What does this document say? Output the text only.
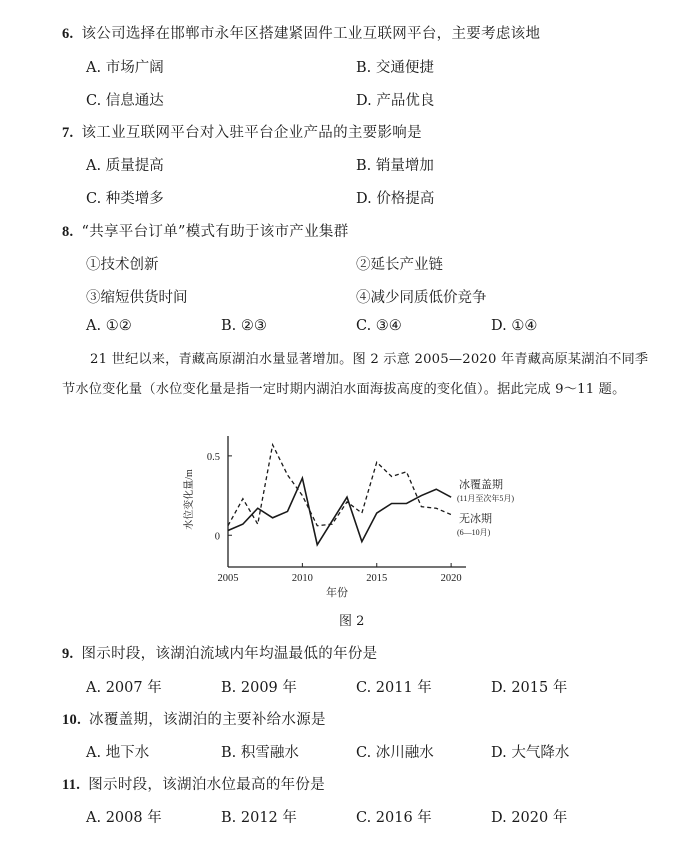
6. 该公司选择在邯郸市永年区搭建紧固件工业互联网平台，主要考虑该地
A. 市场广阔	B. 交通便捷
C. 信息通达	D. 产品优良
7. 该工业互联网平台对入驻平台企业产品的主要影响是
A. 质量提高	B. 销量增加
C. 种类增多	D. 价格提高
8. “共享平台订单”模式有助于该市产业集群
①技术创新	②延长产业链
③缩短供货时间	④减少同质低价竞争
A. ①②	B. ②③	C. ③④	D. ①④
21 世纪以来，青藏高原湖泊水量显著增加。图 2 示意 2005—2020 年青藏高原某湖泊不同季
节水位变化量（水位变化量是指一定时期内湖泊水面海拔高度的变化值）。据此完成 9～11 题。
2005	2010	2015	2020
0
0.5
年份
水位变化量/m	冰覆盖期
(11月至次年5月)
无冰期
(6—10月)
图 2
9. 图示时段，该湖泊流域内年均温最低的年份是
A. 2007 年	B. 2009 年	C. 2011 年	D. 2015 年
10. 冰覆盖期，该湖泊的主要补给水源是
A. 地下水	B. 积雪融水	C. 冰川融水	D. 大气降水
11. 图示时段，该湖泊水位最高的年份是
A. 2008 年	B. 2012 年	C. 2016 年	D. 2020 年
